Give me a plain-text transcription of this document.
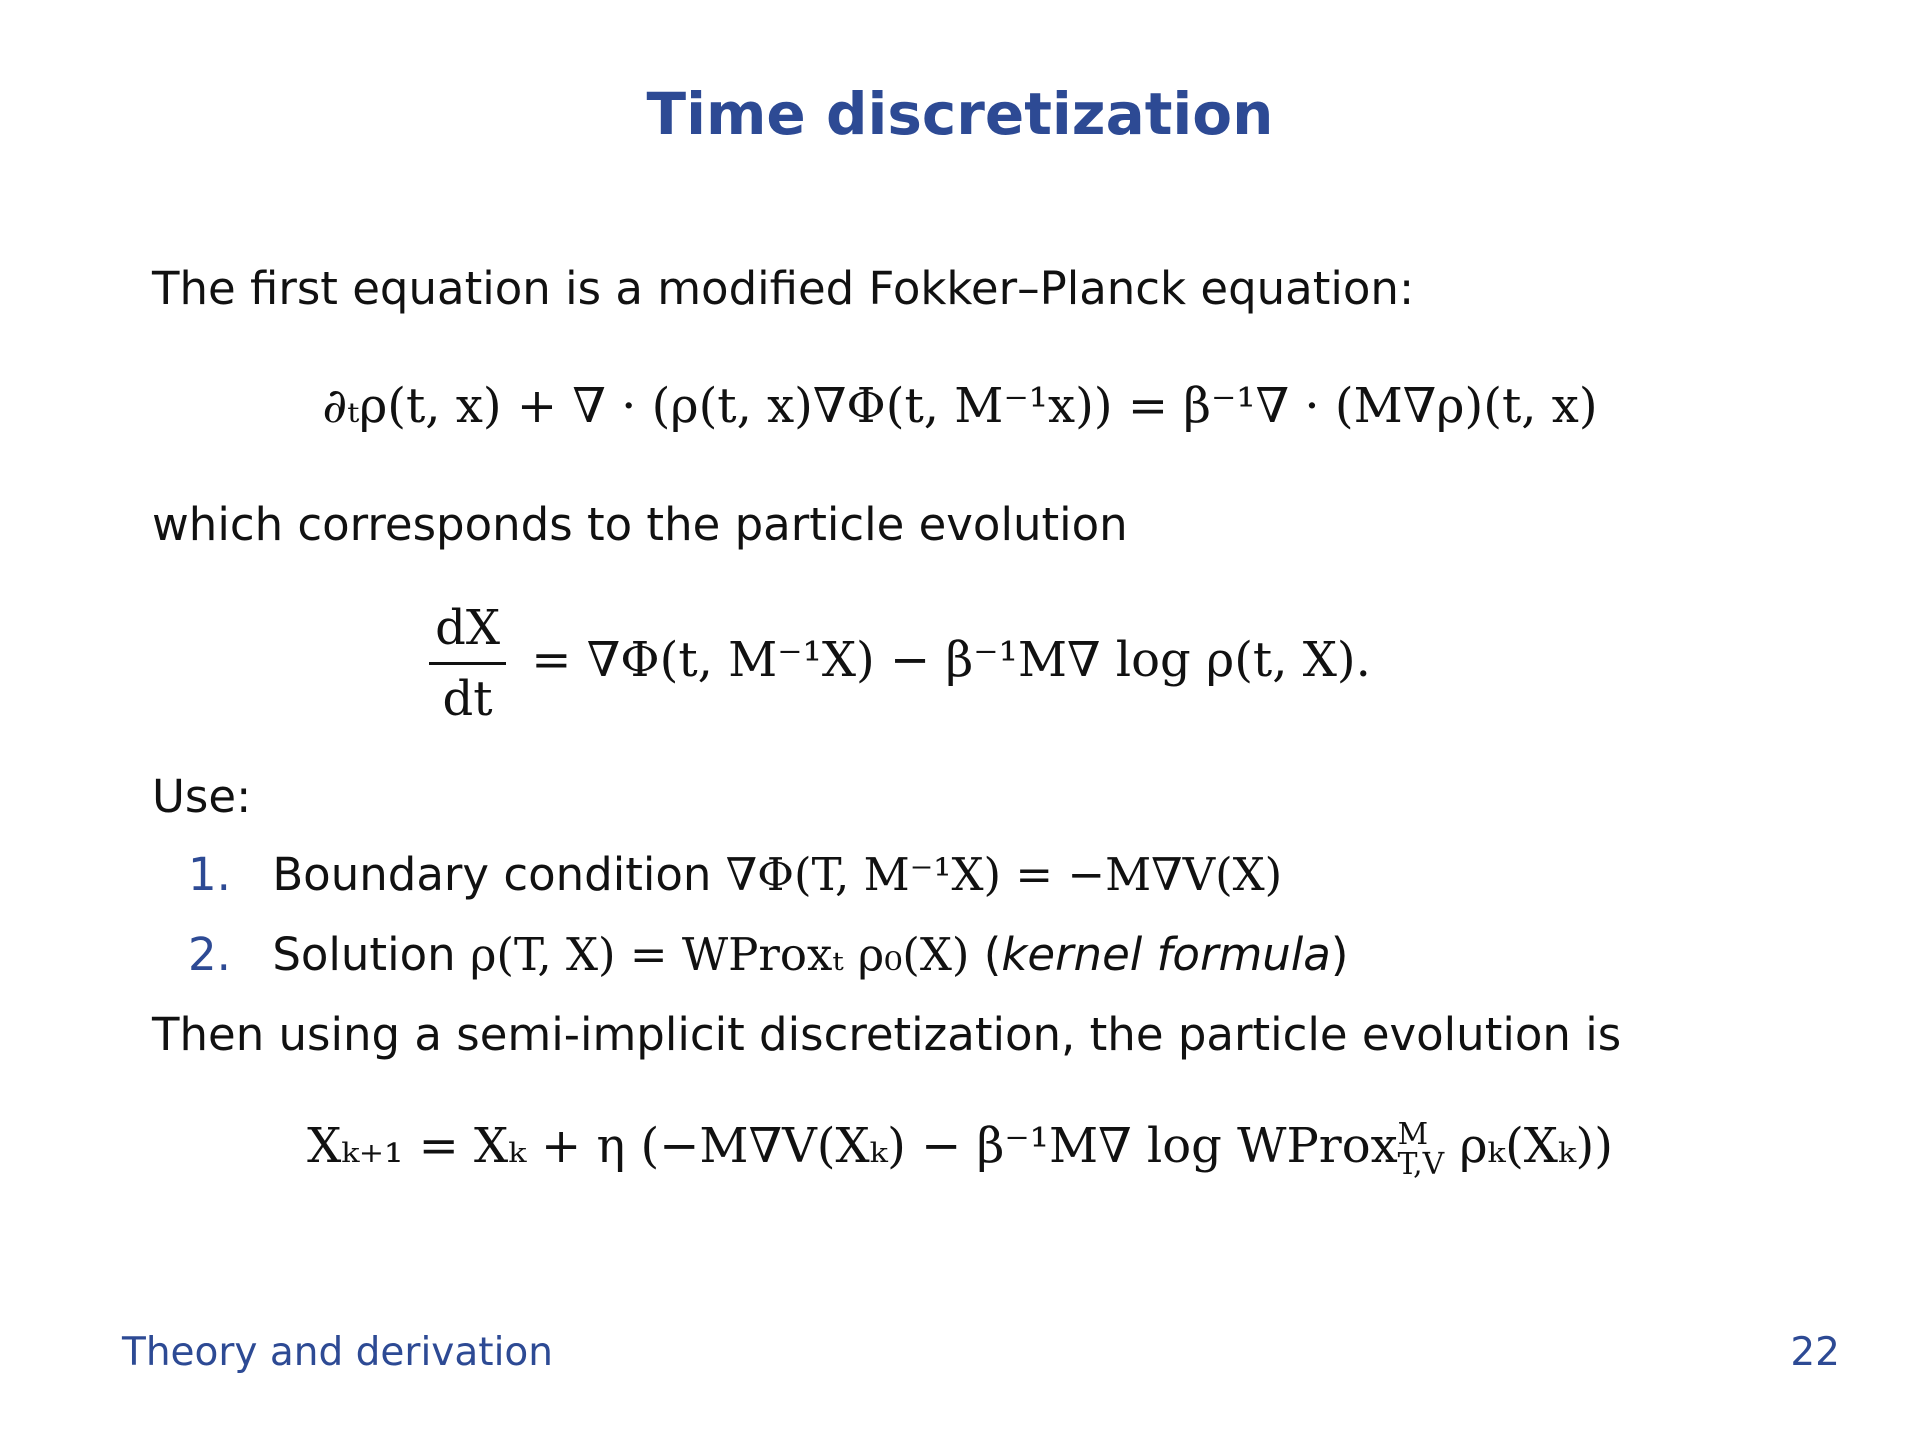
Time discretization
The first equation is a modified Fokker–Planck equation:
∂ₜρ(t, x) + ∇ · (ρ(t, x)∇Φ(t, M⁻¹x)) = β⁻¹∇ · (M∇ρ)(t, x)
which corresponds to the particle evolution
$\frac{dX}{dt} = \nabla\Phi(t$, M⁻¹X) − β⁻¹M∇ log ρ(t, X).
Use:
1. Boundary condition ∇Φ(T, M⁻¹X) = −M∇V(X)
2. Solution ρ(T, X) = WProxₜ ρ₀(X) (kernel formula)
Then using a semi-implicit discretization, the particle evolution is
Xₖ₊₁ = Xₖ + η (−M∇V(Xₖ) − β⁻¹M∇ log WProx M
T,V ρₖ(Xₖ))
Theory and derivation	22
